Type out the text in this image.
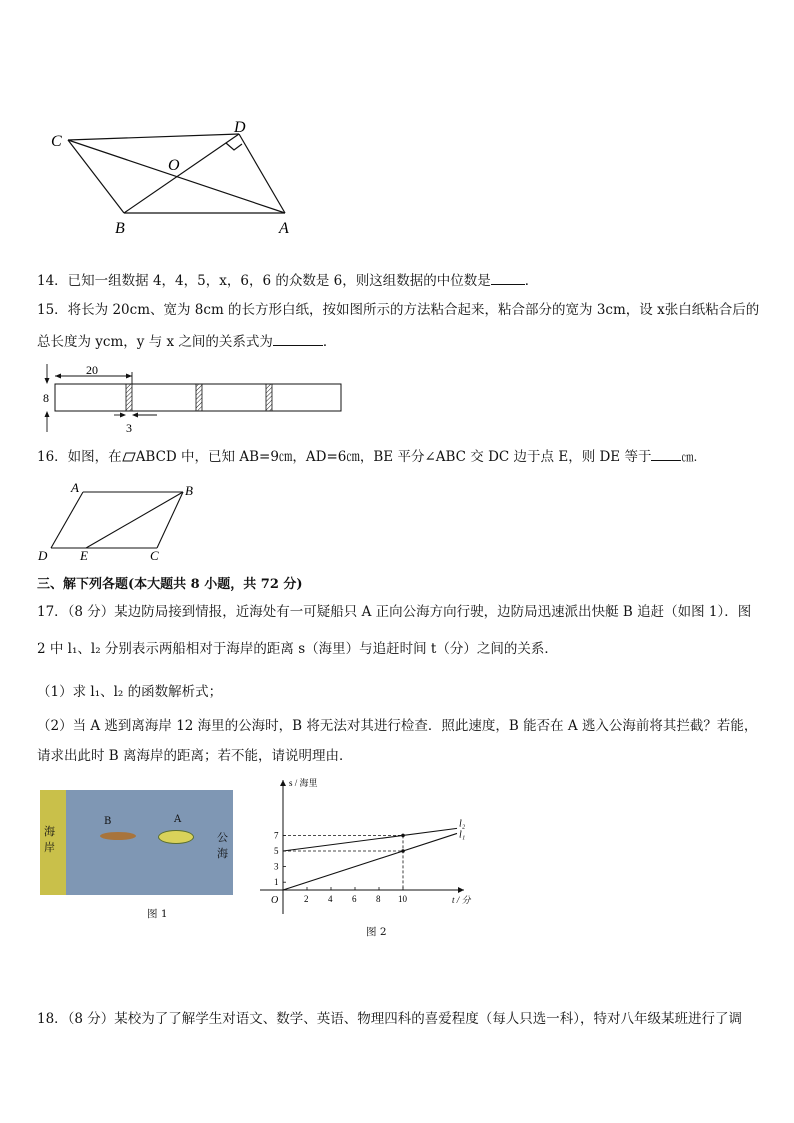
C
D
O
B	A
14．已知一组数据 4，4，5，x，6，6 的众数是 6，则这组数据的中位数是	．
15．将长为 20cm、宽为 8cm 的长方形白纸，按如图所示的方法粘合起来，粘合部分的宽为 3cm，设 x张白纸粘合后的
总长度为 ycm，y 与 x 之间的关系式为	．
20
8
3
16．如图，在 ABCD 中，已知 AB=9㎝，AD=6㎝，BE 平分∠ABC 交 DC 边于点 E，则 DE 等于	㎝.
A	B
D	E	C
三、解下列各题(本大题共 8 小题，共 72 分)
17．（8 分）某边防局接到情报，近海处有一可疑船只 A 正向公海方向行驶，边防局迅速派出快艇 B 追赶（如图 1）．图
2 中 l₁、l₂ 分别表示两船相对于海岸的距离 s（海里）与追赶时间 t（分）之间的关系．
（1）求 l₁、l₂ 的函数解析式；
（2）当 A 逃到离海岸 12 海里的公海时，B 将无法对其进行检查．照此速度，B 能否在 A 逃入公海前将其拦截？若能，
请求出此时 B 离海岸的距离；若不能，请说明理由．
海岸
公海
B	A
图 1
s / 海里
t / 分
O	2 4 6 8 10
1
3
5
7
l₂
l₁
图 2
18．（8 分）某校为了了解学生对语文、数学、英语、物理四科的喜爱程度（每人只选一科），特对八年级某班进行了调
